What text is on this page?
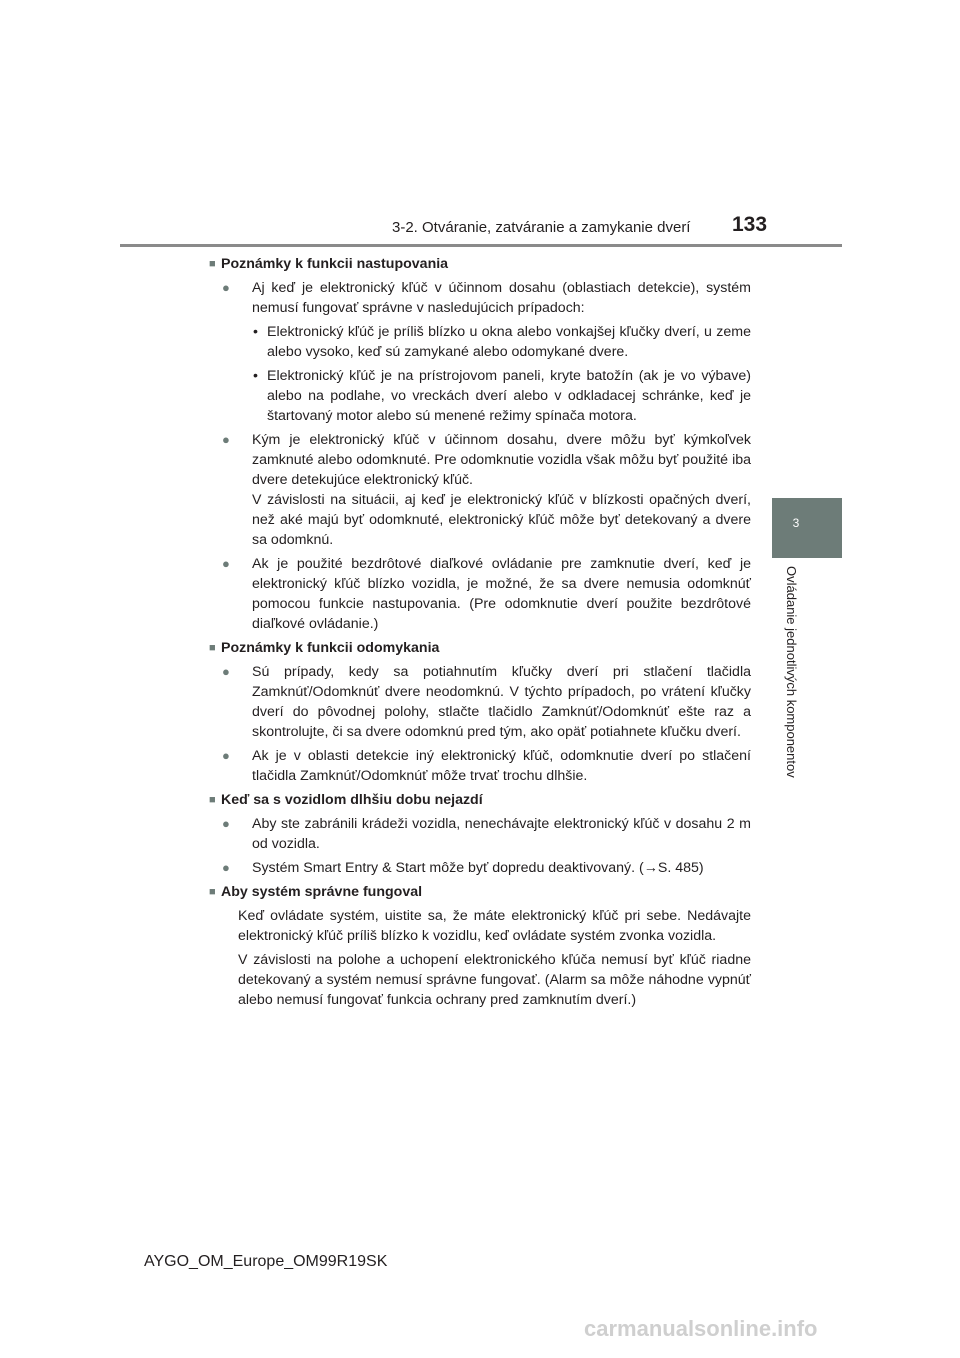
3-2. Otváranie, zatváranie a zamykanie dverí 133
3
Ovládanie jednotlivých komponentov
■ Poznámky k funkcii nastupovania
●	Aj keď je elektronický kľúč v účinnom dosahu (oblastiach detekcie), systém nemusí fungovať správne v nasledujúcich prípadoch:

• Elektronický kľúč je príliš blízko u okna alebo vonkajšej kľučky dverí, u zeme alebo vysoko, keď sú zamykané alebo odomykané dvere.
• Elektronický kľúč je na prístrojovom paneli, kryte batožín (ak je vo výbave) alebo na podlahe, vo vreckách dverí alebo v odkladacej schránke, keď je štartovaný motor alebo sú menené režimy spínača motora.
●	Kým je elektronický kľúč v účinnom dosahu, dvere môžu byť kýmkoľvek zamknuté alebo odomknuté. Pre odomknutie vozidla však môžu byť použité iba dvere detekujúce elektronický kľúč.

V závislosti na situácii, aj keď je elektronický kľúč v blízkosti opačných dverí, než aké majú byť odomknuté, elektronický kľúč môže byť detekovaný a dvere sa odomknú.

●	Ak je použité bezdrôtové diaľkové ovládanie pre zamknutie dverí, keď je elektronický kľúč blízko vozidla, je možné, že sa dvere nemusia odomknúť pomocou funkcie nastupovania. (Pre odomknutie dverí použite bezdrôtové diaľkové ovládanie.)

■ Poznámky k funkcii odomykania
●	Sú prípady, kedy sa potiahnutím kľučky dverí pri stlačení tlačidla Zamknúť/Odomknúť dvere neodomknú. V týchto prípadoch, po vrátení kľučky dverí do pôvodnej polohy, stlačte tlačidlo Zamknúť/Odomknúť ešte raz a skontrolujte, či sa dvere odomknú pred tým, ako opäť potiahnete kľučku dverí.

●	Ak je v oblasti detekcie iný elektronický kľúč, odomknutie dverí po stlačení tlačidla Zamknúť/Odomknúť môže trvať trochu dlhšie.

■ Keď sa s vozidlom dlhšiu dobu nejazdí
●	Aby ste zabránili krádeži vozidla, nenechávajte elektronický kľúč v dosahu 2 m od vozidla.

●	Systém Smart Entry & Start môže byť dopredu deaktivovaný. (→S. 485)

■ Aby systém správne fungoval

Keď ovládate systém, uistite sa, že máte elektronický kľúč pri sebe. Nedávajte elektronický kľúč príliš blízko k vozidlu, keď ovládate systém zvonka vozidla.

V závislosti na polohe a uchopení elektronického kľúča nemusí byť kľúč riadne detekovaný a systém nemusí správne fungovať. (Alarm sa môže náhodne vypnúť alebo nemusí fungovať funkcia ochrany pred zamknutím dverí.)

AYGO_OM_Europe_OM99R19SK
carmanualsonline.info
